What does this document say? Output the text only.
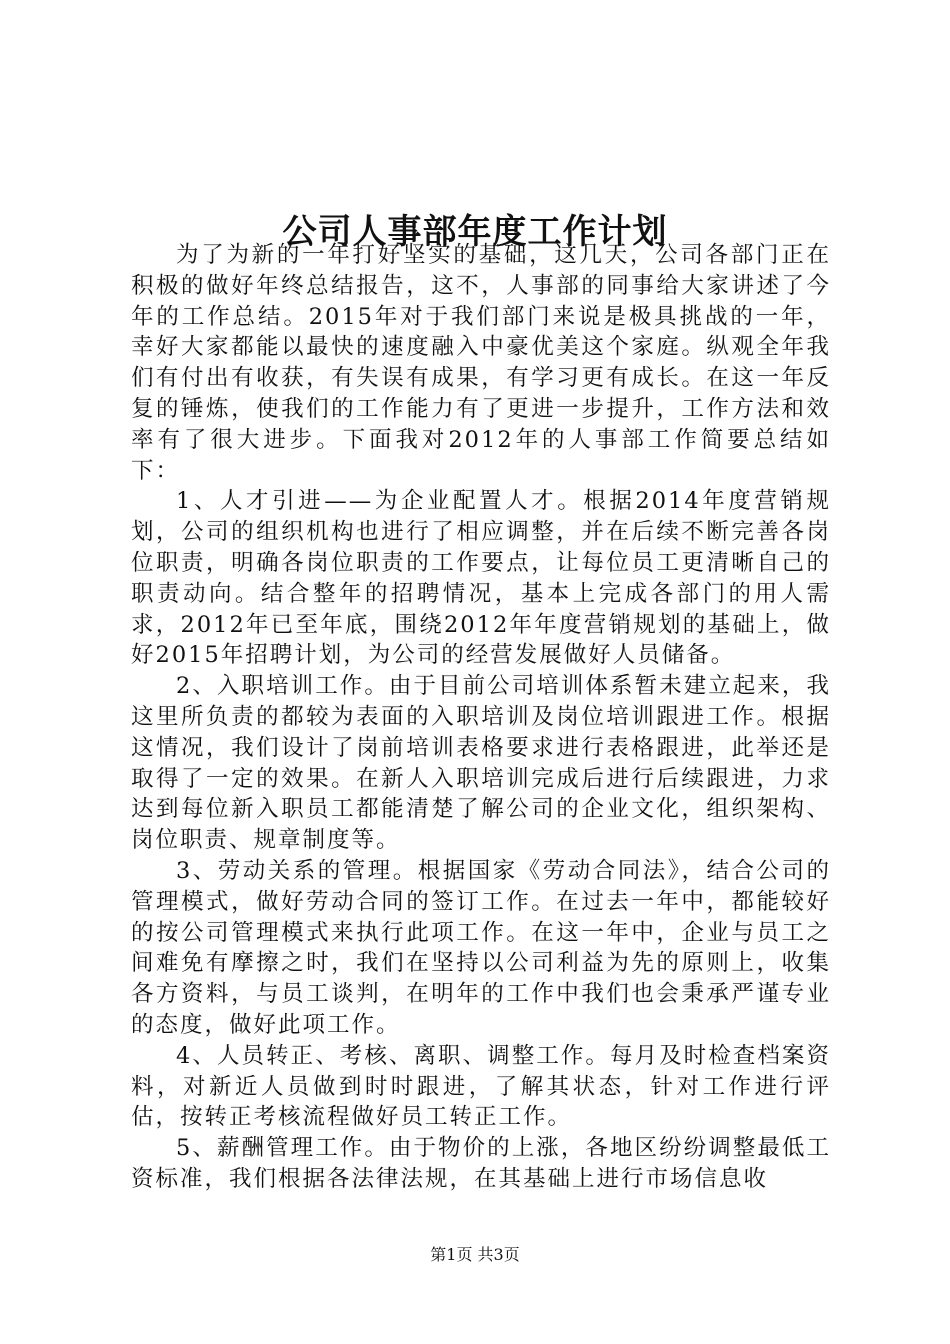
公司人事部年度工作计划

为了为新的一年打好坚实的基础，这几天，公司各部门正在积极的做好年终总结报告，这不，人事部的同事给大家讲述了今年的工作总结。2015年对于我们部门来说是极具挑战的一年，幸好大家都能以最快的速度融入中豪优美这个家庭。纵观全年我们有付出有收获，有失误有成果，有学习更有成长。在这一年反复的锤炼，使我们的工作能力有了更进一步提升，工作方法和效率有了很大进步。下面我对2012年的人事部工作简要总结如下：

1、人才引进——为企业配置人才。根据2014年度营销规划，公司的组织机构也进行了相应调整，并在后续不断完善各岗位职责，明确各岗位职责的工作要点，让每位员工更清晰自己的职责动向。结合整年的招聘情况，基本上完成各部门的用人需求，2012年已至年底，围绕2012年年度营销规划的基础上，做好2015年招聘计划，为公司的经营发展做好人员储备。

2、入职培训工作。由于目前公司培训体系暂未建立起来，我这里所负责的都较为表面的入职培训及岗位培训跟进工作。根据这情况，我们设计了岗前培训表格要求进行表格跟进，此举还是取得了一定的效果。在新人入职培训完成后进行后续跟进，力求达到每位新入职员工都能清楚了解公司的企业文化，组织架构、岗位职责、规章制度等。

3、劳动关系的管理。根据国家《劳动合同法》，结合公司的管理模式，做好劳动合同的签订工作。在过去一年中，都能较好的按公司管理模式来执行此项工作。在这一年中，企业与员工之间难免有摩擦之时，我们在坚持以公司利益为先的原则上，收集各方资料，与员工谈判，在明年的工作中我们也会秉承严谨专业的态度，做好此项工作。

4、人员转正、考核、离职、调整工作。每月及时检查档案资料，对新近人员做到时时跟进，了解其状态，针对工作进行评估，按转正考核流程做好员工转正工作。

5、薪酬管理工作。由于物价的上涨，各地区纷纷调整最低工资标准，我们根据各法律法规，在其基础上进行市场信息收

第1页 共3页
